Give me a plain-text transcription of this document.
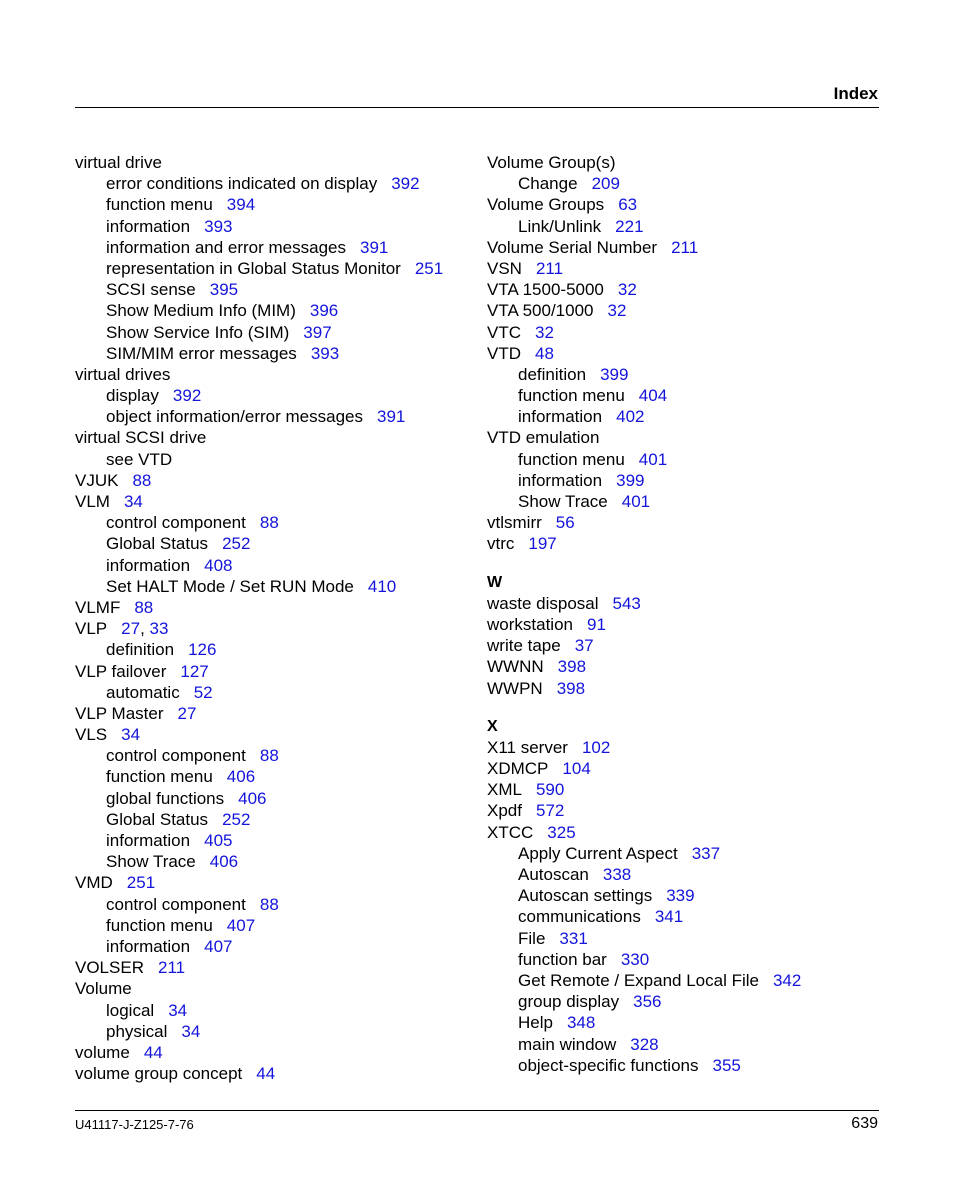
Index
virtual drive
error conditions indicated on display 392
function menu 394
information 393
information and error messages 391
representation in Global Status Monitor 251
SCSI sense 395
Show Medium Info (MIM) 396
Show Service Info (SIM) 397
SIM/MIM error messages 393
virtual drives
display 392
object information/error messages 391
virtual SCSI drive
see VTD
VJUK 88
VLM 34
control component 88
Global Status 252
information 408
Set HALT Mode / Set RUN Mode 410
VLMF 88
VLP 27, 33
definition 126
VLP failover 127
automatic 52
VLP Master 27
VLS 34
control component 88
function menu 406
global functions 406
Global Status 252
information 405
Show Trace 406
VMD 251
control component 88
function menu 407
information 407
VOLSER 211
Volume
logical 34
physical 34
volume 44
volume group concept 44
Volume Group(s)
Change 209
Volume Groups 63
Link/Unlink 221
Volume Serial Number 211
VSN 211
VTA 1500-5000 32
VTA 500/1000 32
VTC 32
VTD 48
definition 399
function menu 404
information 402
VTD emulation
function menu 401
information 399
Show Trace 401
vtlsmirr 56
vtrc 197
W
waste disposal 543
workstation 91
write tape 37
WWNN 398
WWPN 398
X
X11 server 102
XDMCP 104
XML 590
Xpdf 572
XTCC 325
Apply Current Aspect 337
Autoscan 338
Autoscan settings 339
communications 341
File 331
function bar 330
Get Remote / Expand Local File 342
group display 356
Help 348
main window 328
object-specific functions 355
U41117-J-Z125-7-76	639
